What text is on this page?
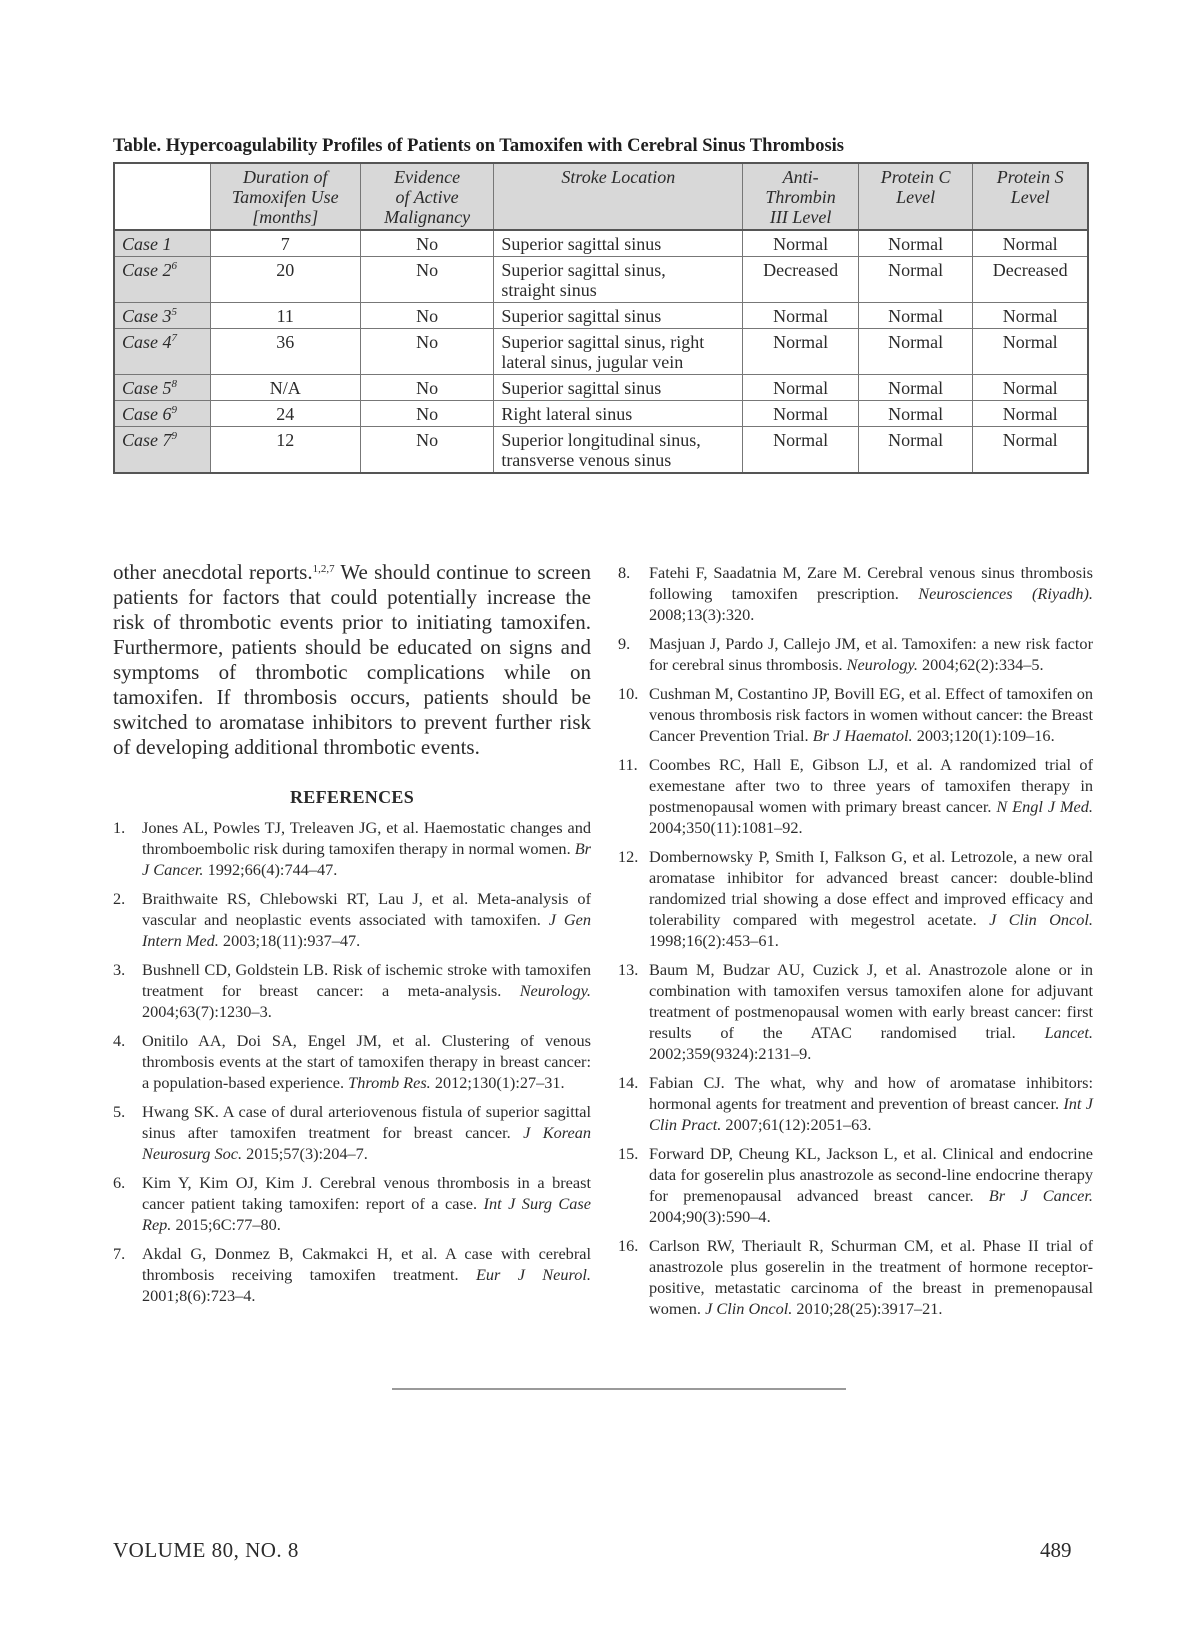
Table. Hypercoagulability Profiles of Patients on Tamoxifen with Cerebral Sinus Thrombosis
	Duration of
Tamoxifen Use
[months]	Evidence
of Active
Malignancy	Stroke Location	Anti-
Thrombin
III Level	Protein C
Level	Protein S
Level
Case 1	7	No	Superior sagittal sinus	Normal	Normal	Normal
Case $2^6$	20	No	Superior sagittal sinus,
straight sinus	Decreased	Normal	Decreased
Case $3^5$	11	No	Superior sagittal sinus	Normal	Normal	Normal
Case $4^7$	36	No	Superior sagittal sinus, right
lateral sinus, jugular vein	Normal	Normal	Normal
Case $5^8$	N/A	No	Superior sagittal sinus	Normal	Normal	Normal
Case $6^9$	24	No	Right lateral sinus	Normal	Normal	Normal
Case $7^9$	12	No	Superior longitudinal sinus,
transverse venous sinus	Normal	Normal	Normal

other anecdotal reports.$^{1,2,7}$ We should continue to screen patients for factors that could potentially increase the risk of thrombotic events prior to initiating tamoxifen. Furthermore, patients should be educated on signs and symptoms of thrombotic complications while on tamoxifen. If thrombosis occurs, patients should be switched to aromatase inhibitors to prevent further risk of developing additional thrombotic events.

REFERENCES
1.	Jones AL, Powles TJ, Treleaven JG, et al. Haemostatic changes and thromboembolic risk during tamoxifen therapy in normal women. Br J Cancer. 1992;66(4):744–47.
2.	Braithwaite RS, Chlebowski RT, Lau J, et al. Meta-analysis of vascular and neoplastic events associated with tamoxifen. J Gen Intern Med. 2003;18(11):937–47.
3.	Bushnell CD, Goldstein LB. Risk of ischemic stroke with tamoxifen treatment for breast cancer: a meta-analysis. Neurology. 2004;63(7):1230–3.
4.	Onitilo AA, Doi SA, Engel JM, et al. Clustering of venous thrombosis events at the start of tamoxifen therapy in breast cancer: a population-based experience. Thromb Res. 2012;130(1):27–31.
5.	Hwang SK. A case of dural arteriovenous fistula of superior sagittal sinus after tamoxifen treatment for breast cancer. J Korean Neurosurg Soc. 2015;57(3):204–7.
6.	Kim Y, Kim OJ, Kim J. Cerebral venous thrombosis in a breast cancer patient taking tamoxifen: report of a case. Int J Surg Case Rep. 2015;6C:77–80.
7.	Akdal G, Donmez B, Cakmakci H, et al. A case with cerebral thrombosis receiving tamoxifen treatment. Eur J Neurol. 2001;8(6):723–4.
8.	Fatehi F, Saadatnia M, Zare M. Cerebral venous sinus thrombosis following tamoxifen prescription. Neurosciences (Riyadh). 2008;13(3):320.
9.	Masjuan J, Pardo J, Callejo JM, et al. Tamoxifen: a new risk factor for cerebral sinus thrombosis. Neurology. 2004;62(2):334–5.
10. Cushman M, Costantino JP, Bovill EG, et al. Effect of tamoxifen on venous thrombosis risk factors in women without cancer: the Breast Cancer Prevention Trial. Br J Haematol. 2003;120(1):109–16.
11. Coombes RC, Hall E, Gibson LJ, et al. A randomized trial of exemestane after two to three years of tamoxifen therapy in postmenopausal women with primary breast cancer. N Engl J Med. 2004;350(11):1081–92.
12. Dombernowsky P, Smith I, Falkson G, et al. Letrozole, a new oral aromatase inhibitor for advanced breast cancer: double-blind randomized trial showing a dose effect and improved efficacy and tolerability compared with megestrol acetate. J Clin Oncol. 1998;16(2):453–61.
13. Baum M, Budzar AU, Cuzick J, et al. Anastrozole alone or in combination with tamoxifen versus tamoxifen alone for adjuvant treatment of postmenopausal women with early breast cancer: first results of the ATAC randomised trial. Lancet. 2002;359(9324):2131–9.
14. Fabian CJ. The what, why and how of aromatase inhibitors: hormonal agents for treatment and prevention of breast cancer. Int J Clin Pract. 2007;61(12):2051–63.
15. Forward DP, Cheung KL, Jackson L, et al. Clinical and endocrine data for goserelin plus anastrozole as second-line endocrine therapy for premenopausal advanced breast cancer. Br J Cancer. 2004;90(3):590–4.
16. Carlson RW, Theriault R, Schurman CM, et al. Phase II trial of anastrozole plus goserelin in the treatment of hormone receptor-positive, metastatic carcinoma of the breast in premenopausal women. J Clin Oncol. 2010;28(25):3917–21.
VOLUME 80, NO. 8	489
